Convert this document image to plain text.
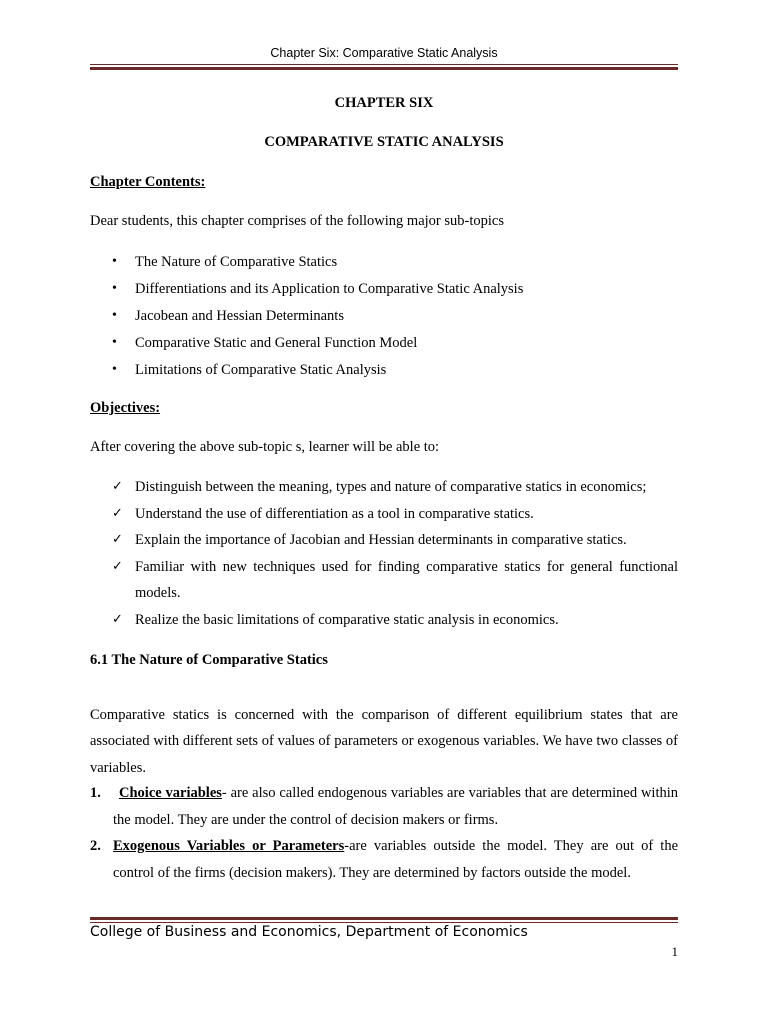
Chapter Six: Comparative Static Analysis

CHAPTER SIX

COMPARATIVE STATIC ANALYSIS

Chapter Contents:

Dear students, this chapter comprises of the following major sub-topics

• The Nature of Comparative Statics
• Differentiations and its Application to Comparative Static Analysis
• Jacobean and Hessian Determinants
• Comparative Static and General Function Model
• Limitations of Comparative Static Analysis

Objectives:

After covering the above sub-topic s, learner will be able to:

✓ Distinguish between the meaning, types and nature of comparative statics in economics;
✓ Understand the use of differentiation as a tool in comparative statics.
✓ Explain the importance of Jacobian and Hessian determinants in comparative statics.
✓ Familiar with new techniques used for finding comparative statics for general functional models.
✓ Realize the basic limitations of comparative static analysis in economics.

6.1 The Nature of Comparative Statics

Comparative statics is concerned with the comparison of different equilibrium states that are associated with different sets of values of parameters or exogenous variables. We have two classes of variables.

1. Choice variables- are also called endogenous variables are variables that are determined within the model. They are under the control of decision makers or firms.
2. Exogenous Variables or Parameters-are variables outside the model. They are out of the control of the firms (decision makers). They are determined by factors outside the model.
College of Business and Economics, Department of Economics
1
